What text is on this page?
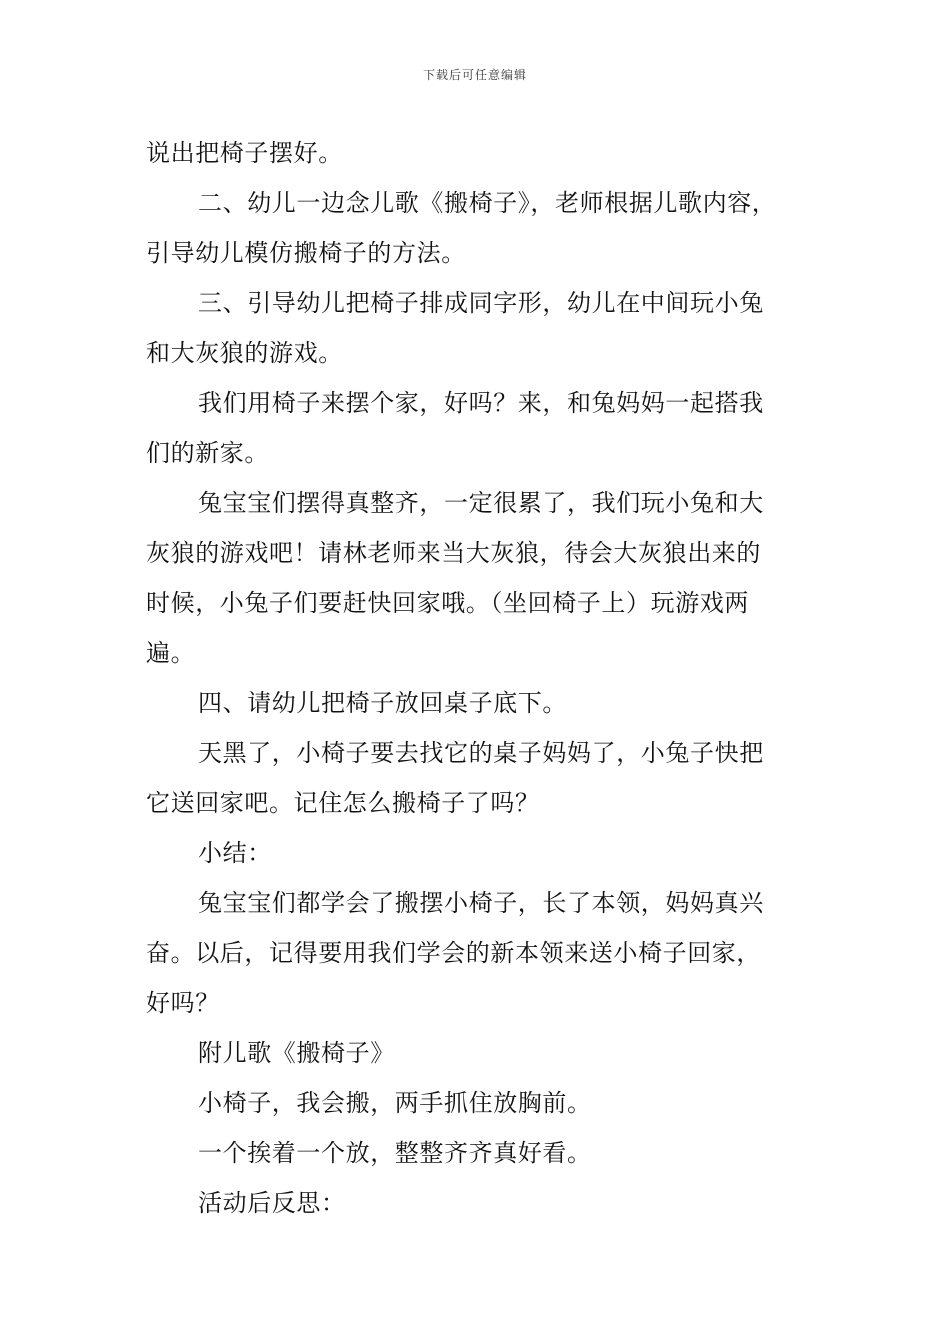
下载后可任意编辑

说出把椅子摆好。

二、幼儿一边念儿歌《搬椅子》，老师根据儿歌内容，
引导幼儿模仿搬椅子的方法。

三、引导幼儿把椅子排成同字形，幼儿在中间玩小兔
和大灰狼的游戏。

我们用椅子来摆个家，好吗？来，和兔妈妈一起搭我
们的新家。

兔宝宝们摆得真整齐，一定很累了，我们玩小兔和大
灰狼的游戏吧！请林老师来当大灰狼，待会大灰狼出来的
时候，小兔子们要赶快回家哦。（坐回椅子上）玩游戏两
遍。

四、请幼儿把椅子放回桌子底下。

天黑了，小椅子要去找它的桌子妈妈了，小兔子快把
它送回家吧。记住怎么搬椅子了吗？

小结：

兔宝宝们都学会了搬摆小椅子，长了本领，妈妈真兴
奋。以后，记得要用我们学会的新本领来送小椅子回家，
好吗？

附儿歌《搬椅子》

小椅子，我会搬，两手抓住放胸前。

一个挨着一个放，整整齐齐真好看。

活动后反思：
